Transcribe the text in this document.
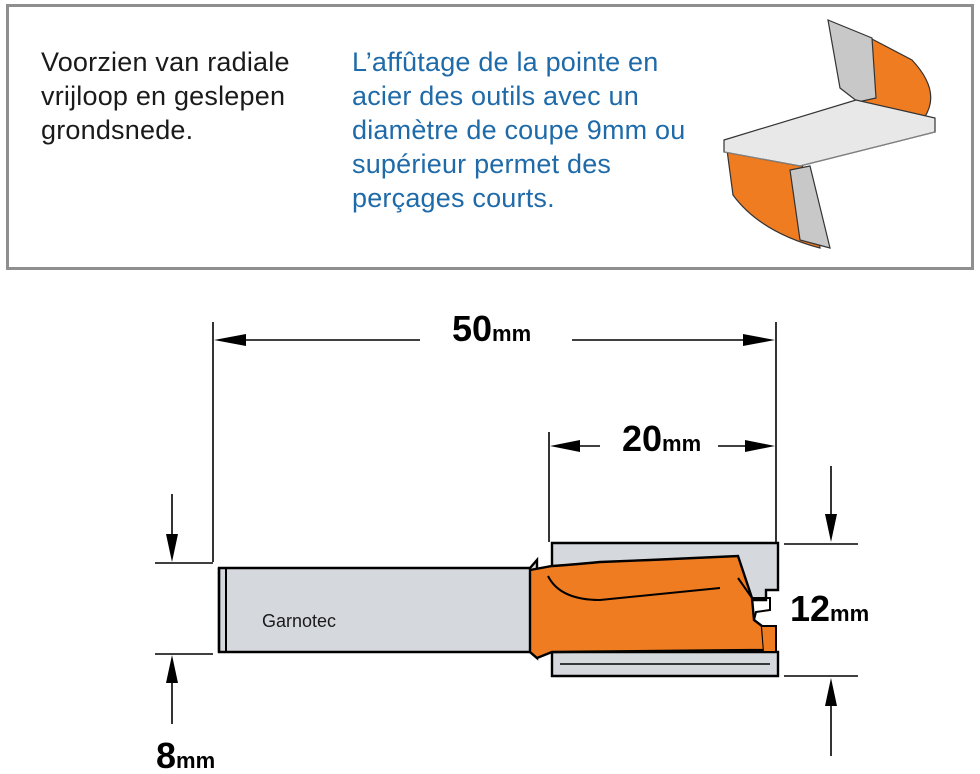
Voorzien van radiale vrijloop en geslepen grondsnede.
L’affûtage de la pointe en acier des outils avec un diamètre de coupe 9mm ou supérieur permet des perçages courts.
Garnotec
50mm
20mm
12mm
8mm
